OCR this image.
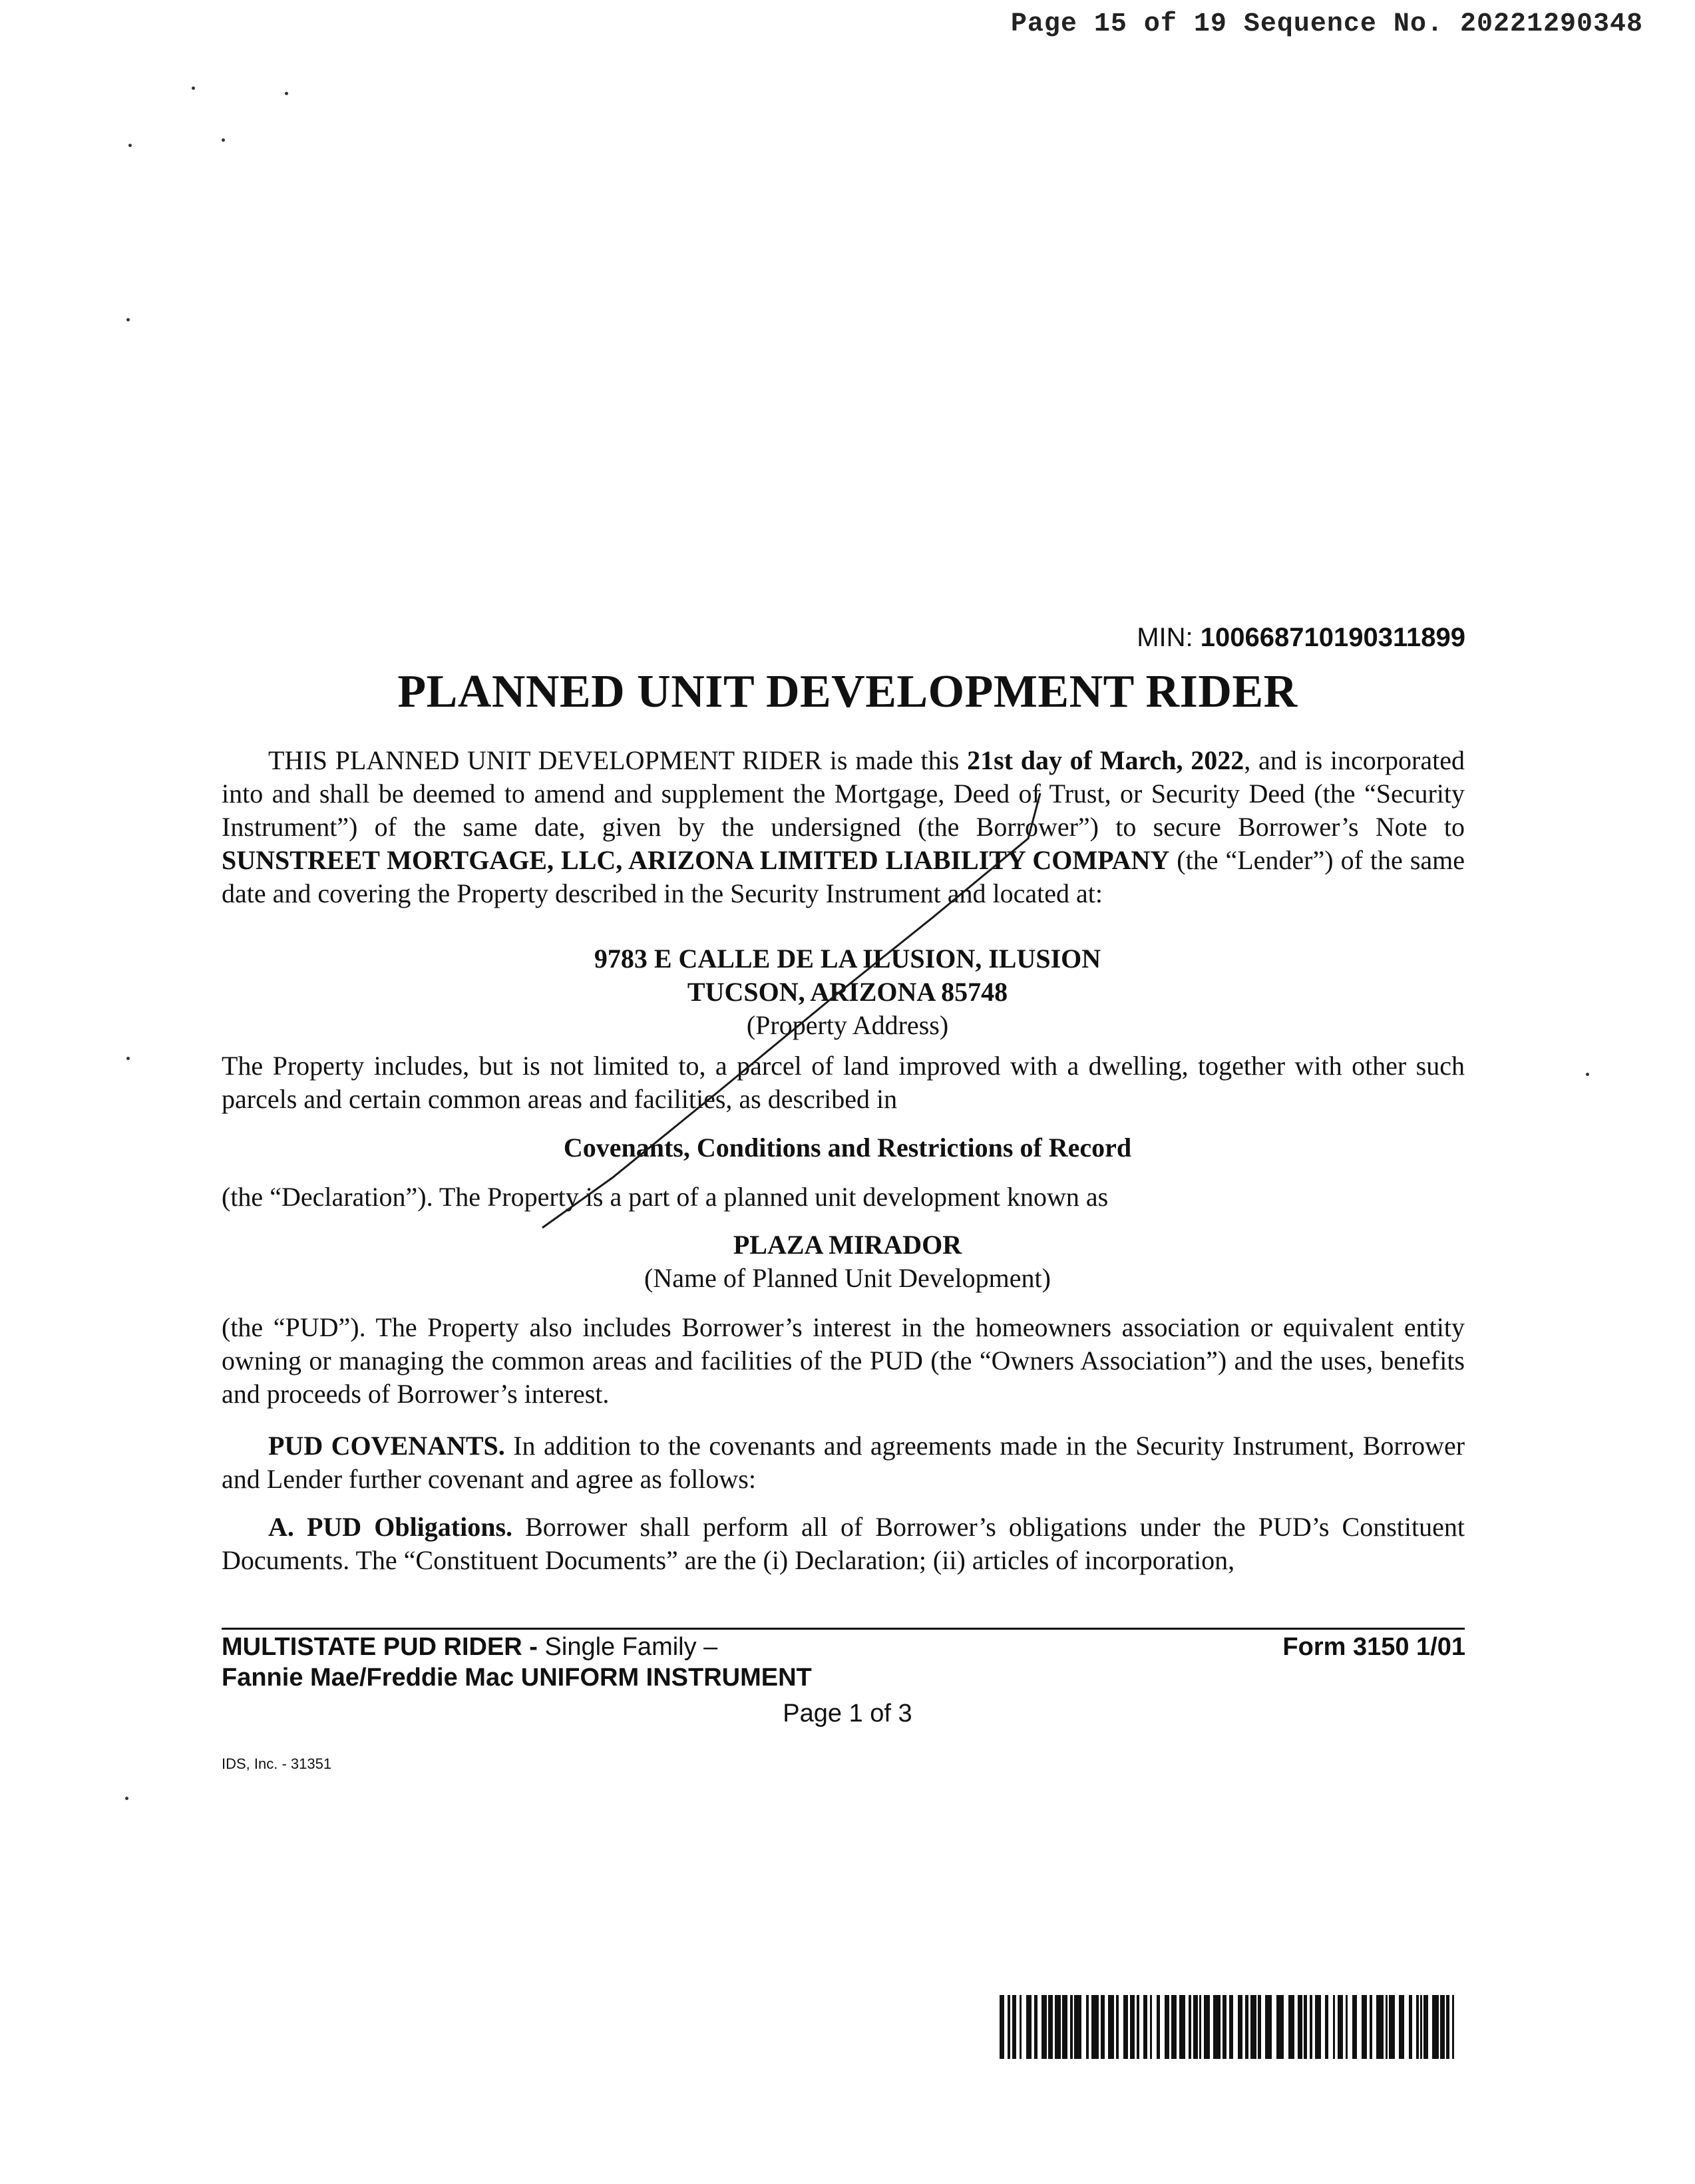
Page 15 of 19 Sequence No. 20221290348
MIN: 100668710190311899
PLANNED UNIT DEVELOPMENT RIDER
THIS PLANNED UNIT DEVELOPMENT RIDER is made this 21st day of March, 2022, and is incorporated into and shall be deemed to amend and supplement the Mortgage, Deed of Trust, or Security Deed (the “Security Instrument”) of the same date, given by the undersigned (the Borrower”) to secure Borrower’s Note to SUNSTREET MORTGAGE, LLC, ARIZONA LIMITED LIABILITY COMPANY (the “Lender”) of the same date and covering the Property described in the Security Instrument and located at:
9783 E CALLE DE LA ILUSION, ILUSION
TUCSON, ARIZONA 85748
(Property Address)
The Property includes, but is not limited to, a parcel of land improved with a dwelling, together with other such parcels and certain common areas and facilities, as described in
Covenants, Conditions and Restrictions of Record
(the “Declaration”). The Property is a part of a planned unit development known as
PLAZA MIRADOR
(Name of Planned Unit Development)
(the “PUD”). The Property also includes Borrower’s interest in the homeowners association or equivalent entity owning or managing the common areas and facilities of the PUD (the “Owners Association”) and the uses, benefits and proceeds of Borrower’s interest.
PUD COVENANTS. In addition to the covenants and agreements made in the Security Instrument, Borrower and Lender further covenant and agree as follows:
A. PUD Obligations. Borrower shall perform all of Borrower’s obligations under the PUD’s Constituent Documents. The “Constituent Documents” are the (i) Declaration; (ii) articles of incorporation,
MULTISTATE PUD RIDER - Single Family –
Fannie Mae/Freddie Mac UNIFORM INSTRUMENT
Form 3150 1/01
Page 1 of 3
IDS, Inc. - 31351
